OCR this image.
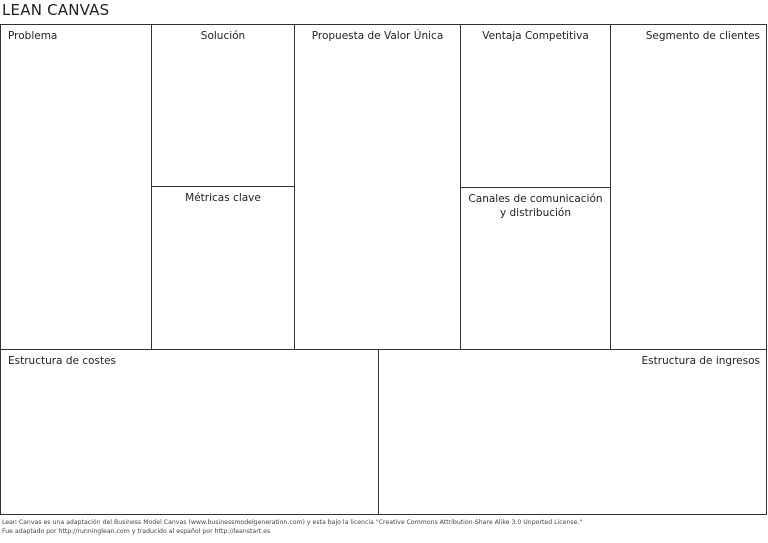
LEAN CANVAS
Problema	Solución
Métricas clave
Propuesta de Valor Única	Ventaja Competitiva
Canales de comunicación
y distribución
Segmento de clientes
Estructura de costes	Estructura de ingresos
Lean Canvas es una adaptación del Business Model Canvas (www.businessmodelgeneration.com) y esta bajo la licencia "Creative Commons Attribution-Share Alike 3.0 Unported License."
Fue adaptado por http://runninglean.com y traducido al español por http://leanstart.es
